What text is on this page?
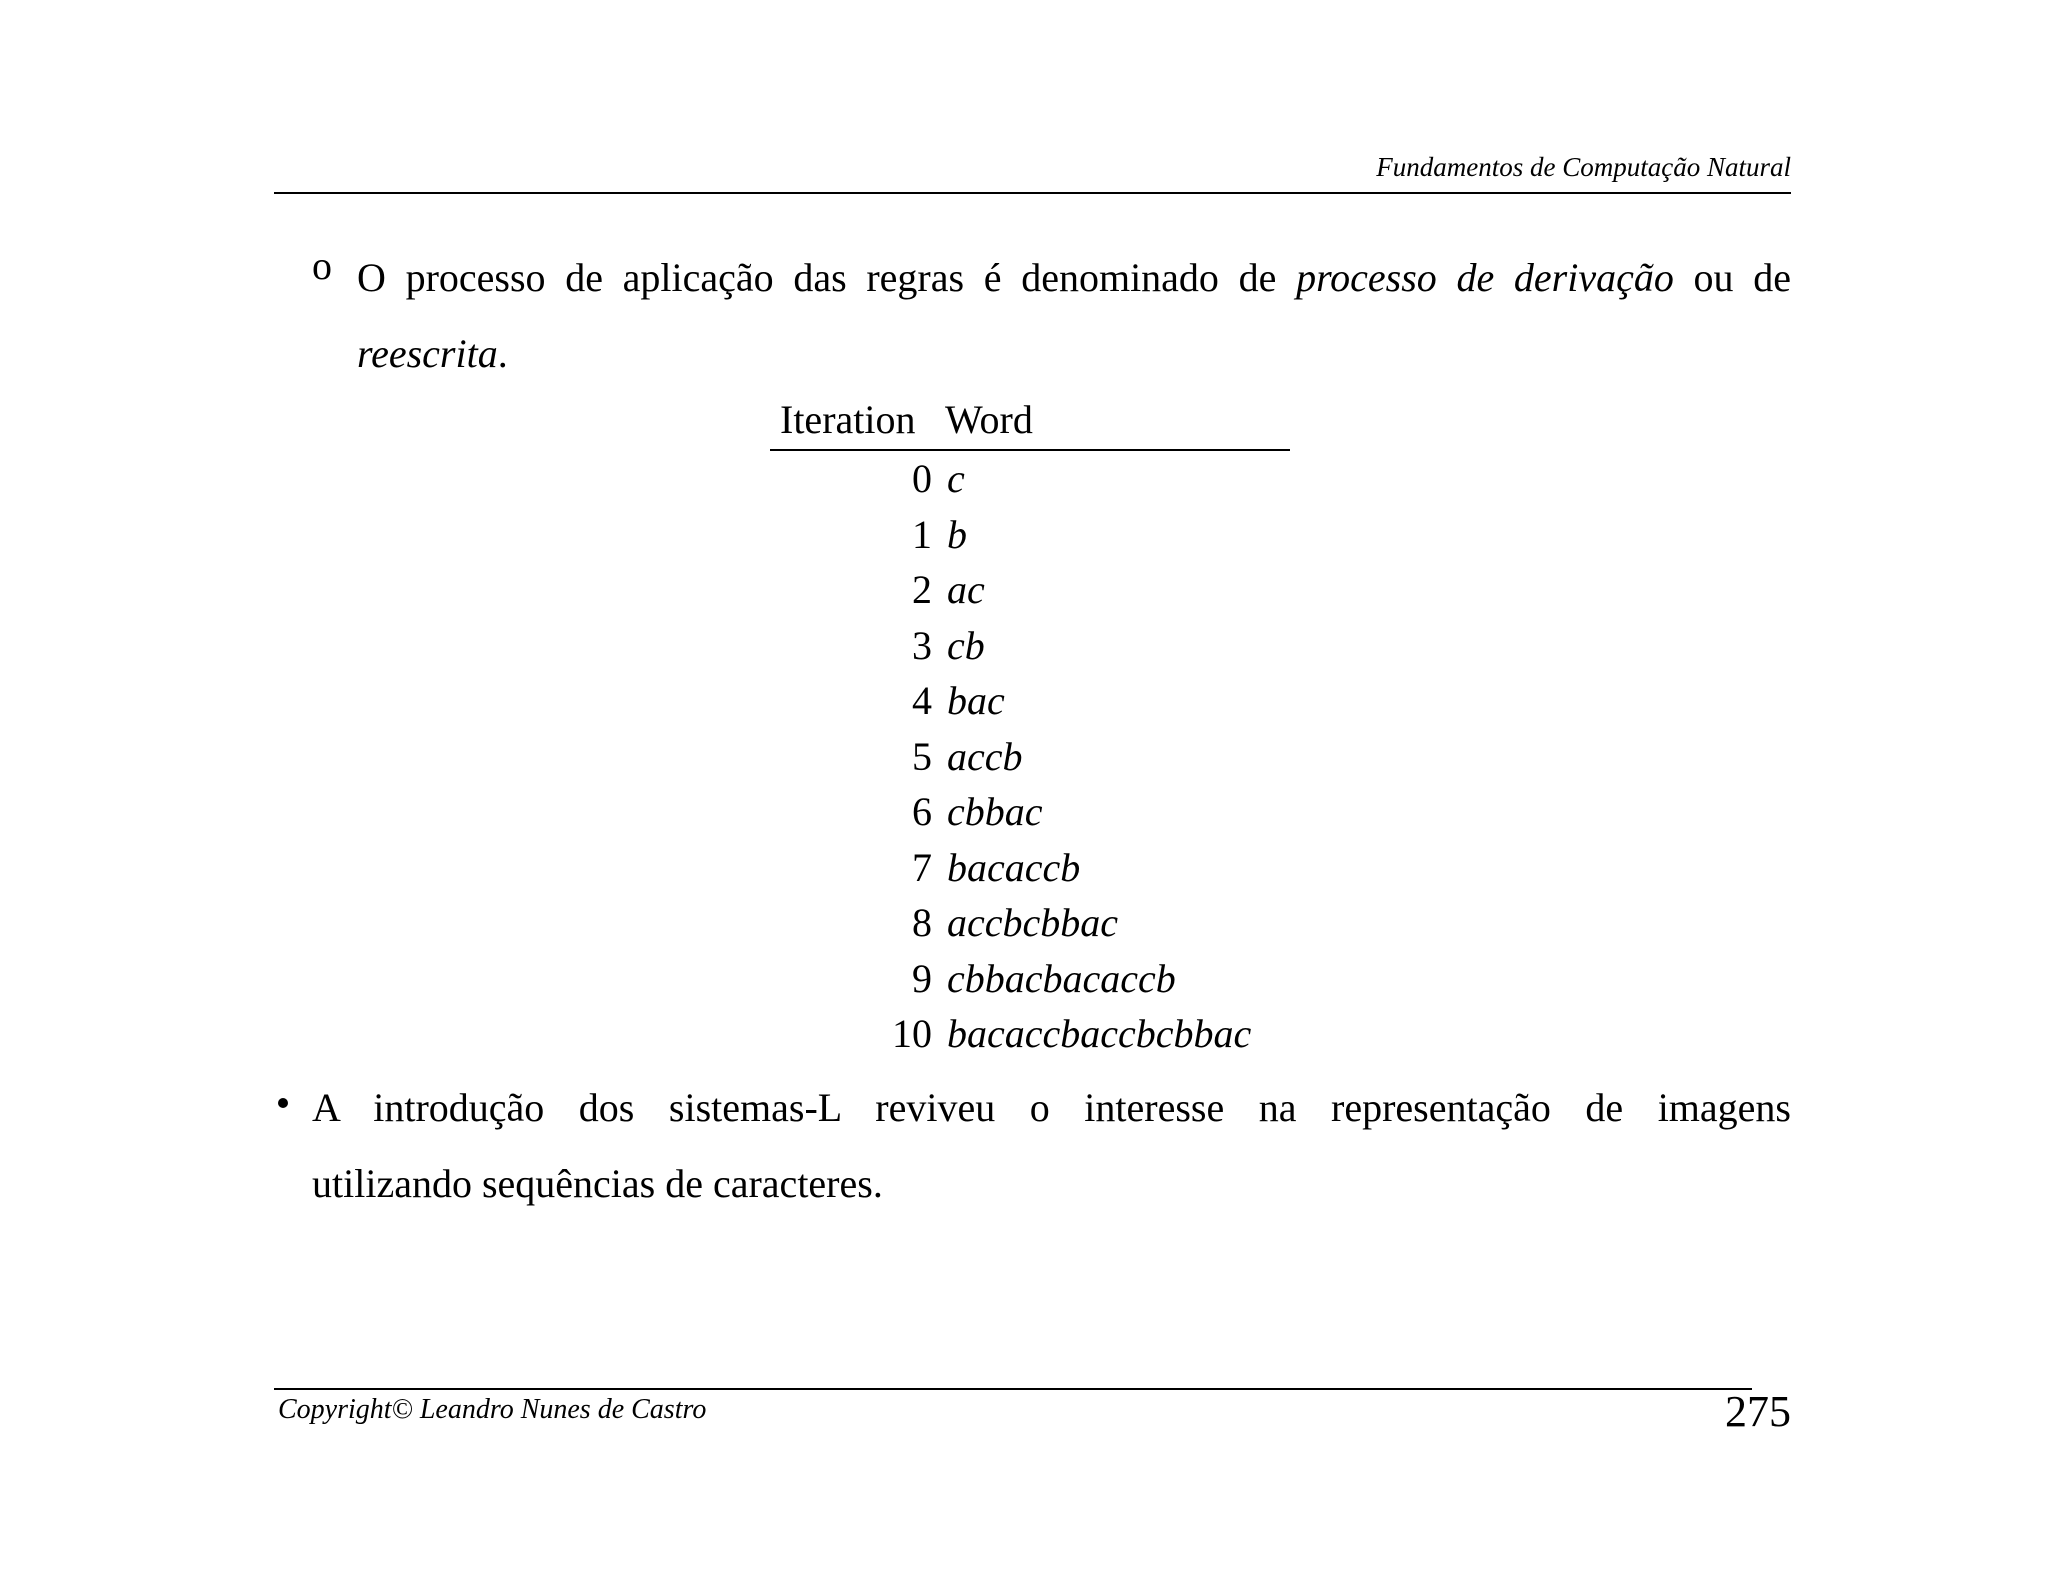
Fundamentos de Computação Natural
o O processo de aplicação das regras é denominado de processo de derivação ou de reescrita.
Iteration Word
0 c
1 b
2 ac
3 cb
4 bac
5 accb
6 cbbac
7 bacaccb
8 accbcbbac
9 cbbacbacaccb
10 bacaccbaccbcbbac
A introdução dos sistemas-L reviveu o interesse na representação de imagens
utilizando sequências de caracteres.
Copyright© Leandro Nunes de Castro	275
